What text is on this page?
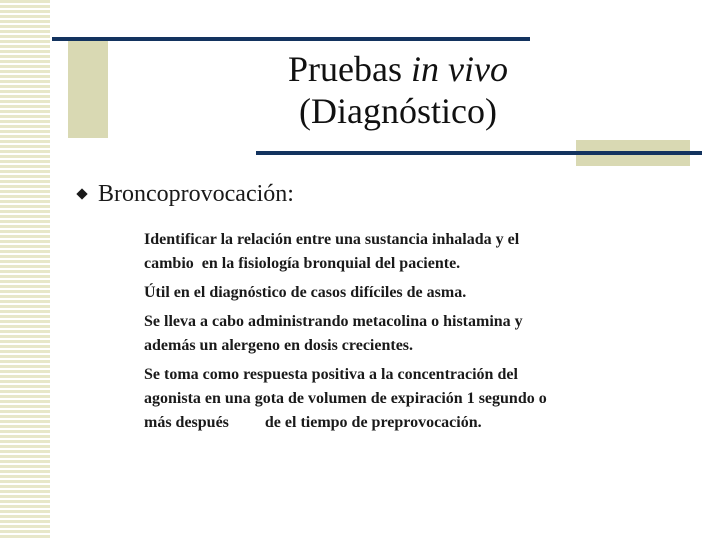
Pruebas in vivo
(Diagnóstico)
Broncoprovocación:

Identificar la relación entre una sustancia inhalada y el
cambio  en la fisiología bronquial del paciente.

Útil en el diagnóstico de casos difíciles de asma.

Se lleva a cabo administrando metacolina o histamina y
además un alergeno en dosis crecientes.

Se toma como respuesta positiva a la concentración del
agonista en una gota de volumen de expiración 1 segundo o
más después         de el tiempo de preprovocación.
